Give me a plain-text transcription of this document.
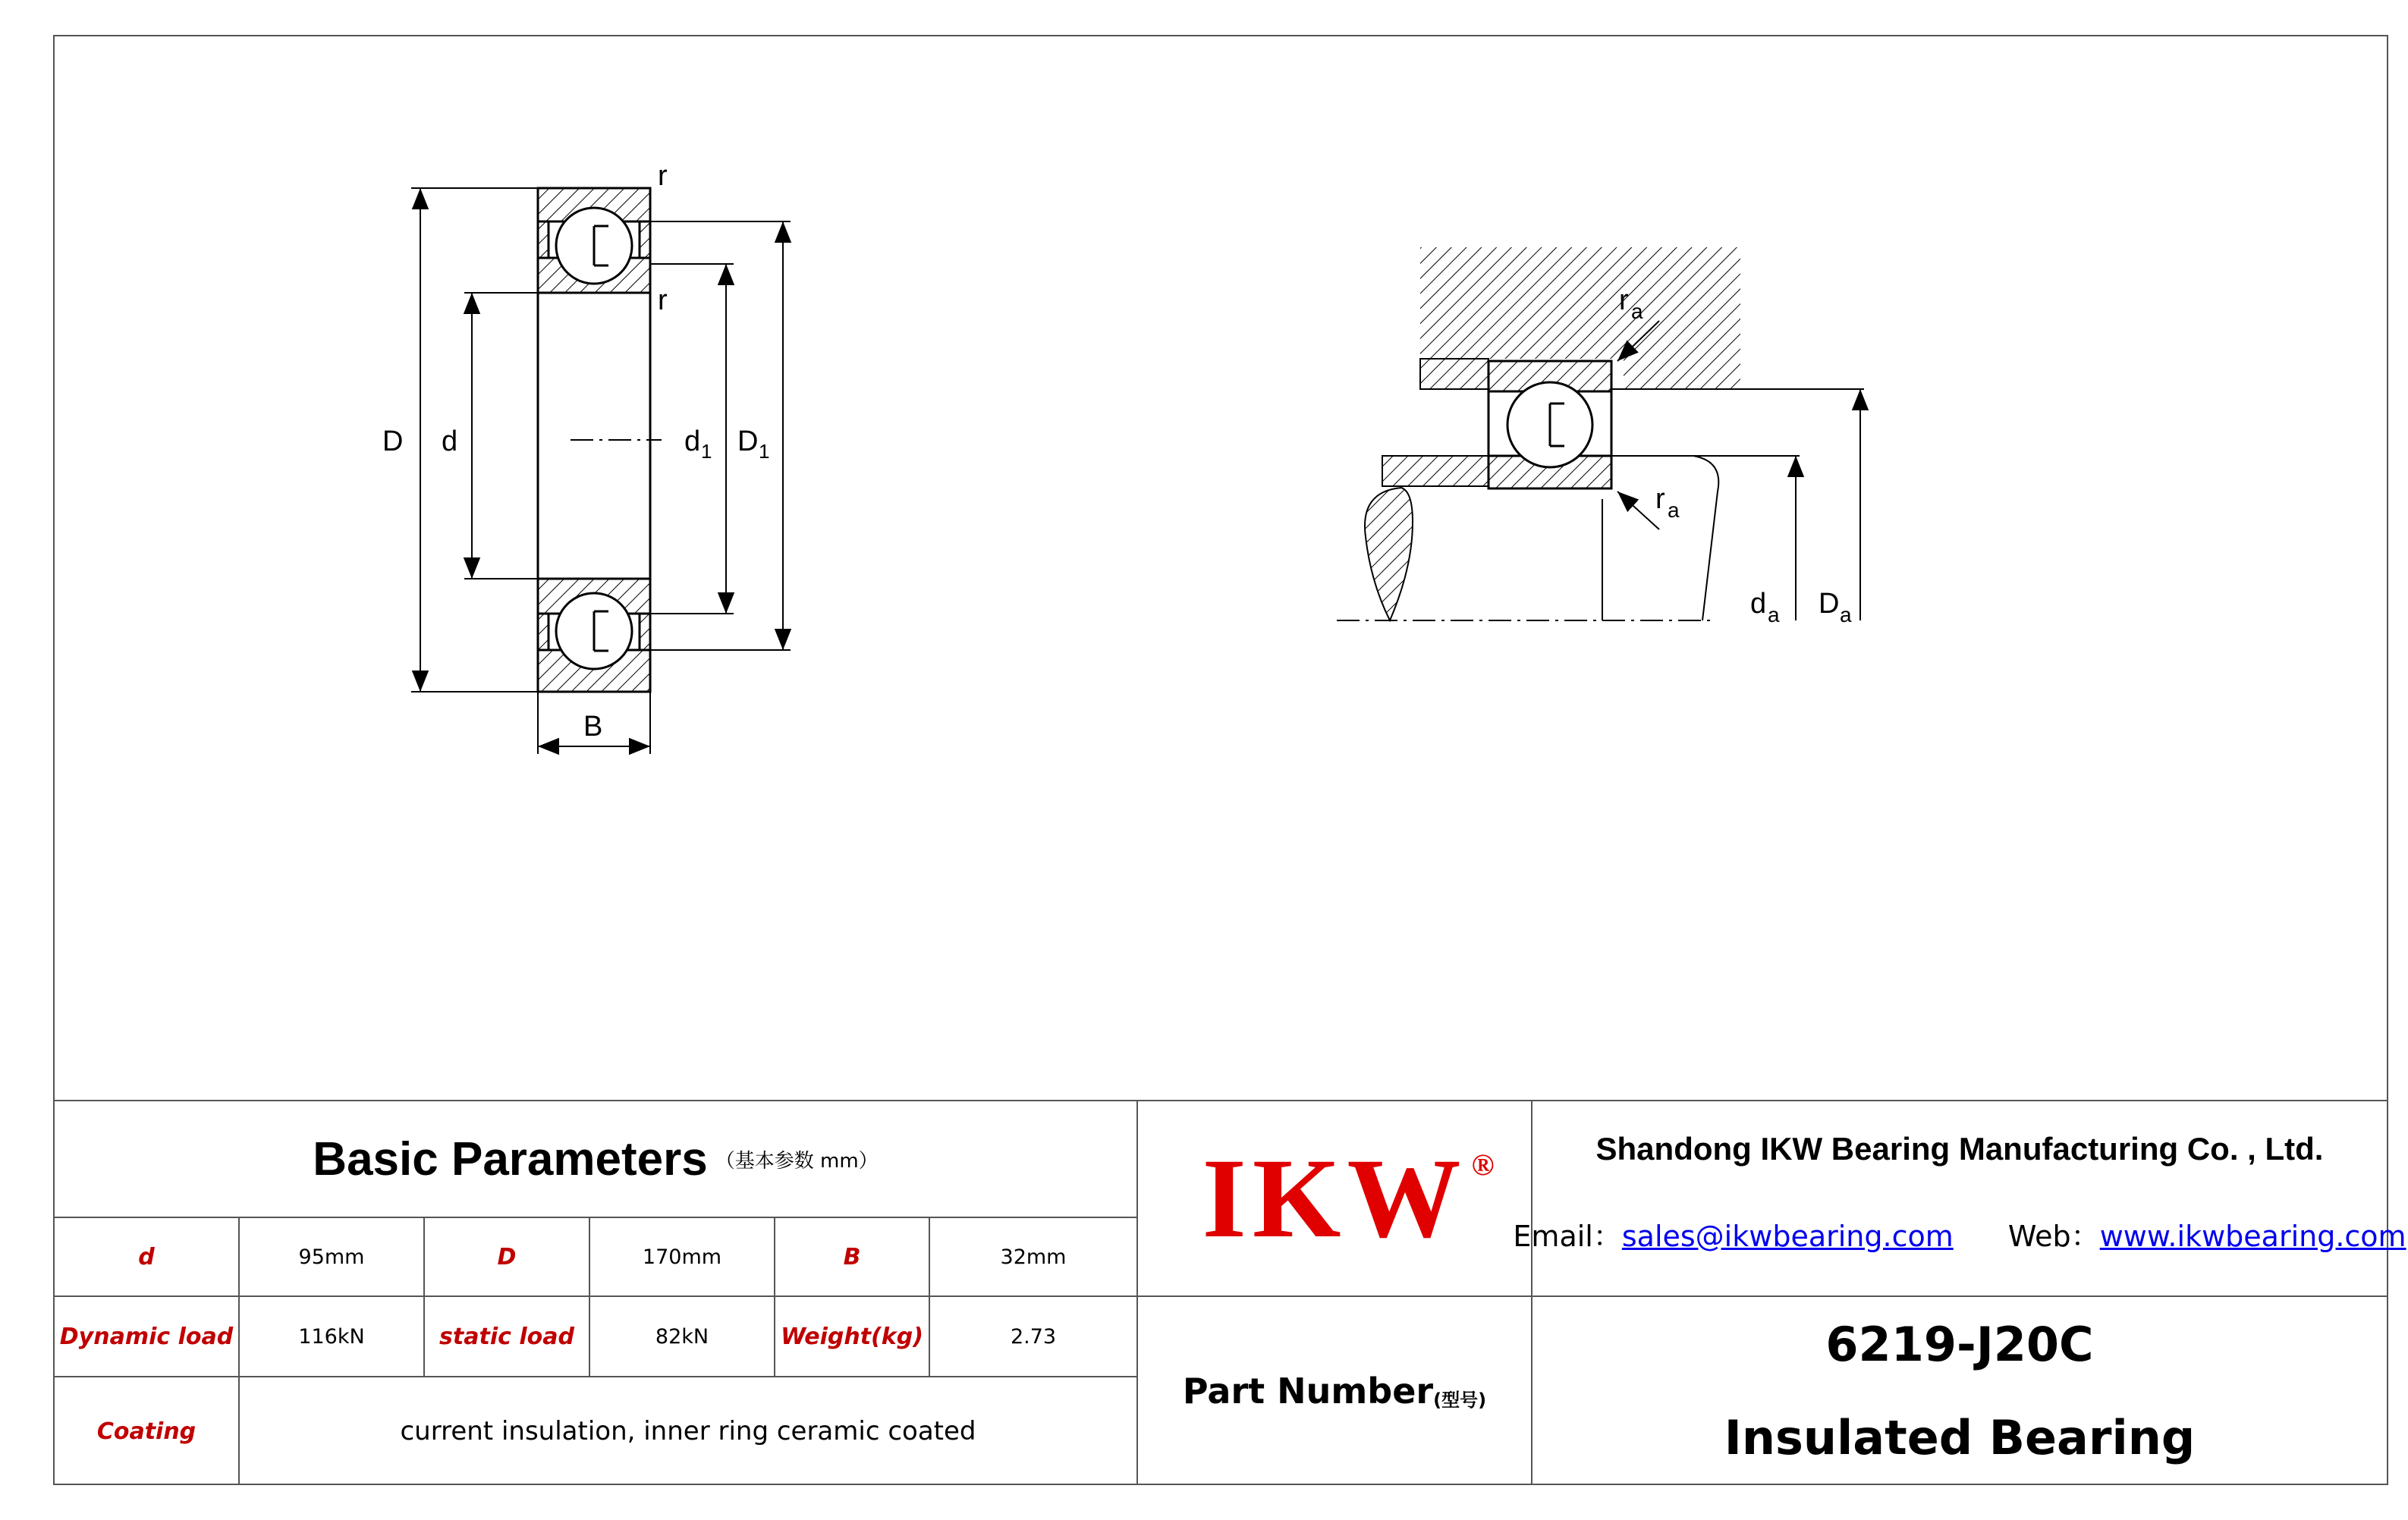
r
r
D d	d 1 D 1
B
r a
r a
d a D a
Basic Parameters （基本参数 mm）
d	95mm	D	170mm	B	32mm
Dynamic load	116kN	static load	82kN	Weight(kg)	2.73
Coating	current insulation, inner ring ceramic coated
IKW ®
Part Number (型号)
Shandong IKW Bearing Manufacturing Co. , Ltd.
Email：sales@ikwbearing.com Web：www.ikwbearing.com
6219-J20C
Insulated Bearing
